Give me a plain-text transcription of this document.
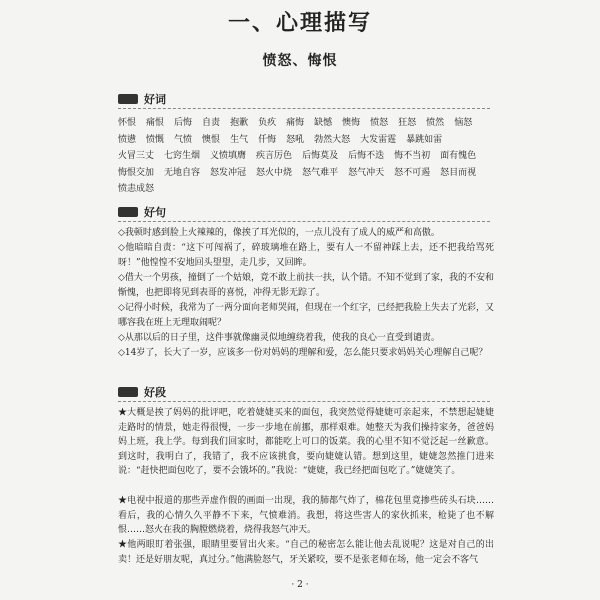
一、心理描写
愤怒、悔恨
好词
怀恨 痛恨 后悔 自责 抱歉 负疚 痛悔 缺憾 懊悔 愤怒 狂怒 愤然 恼怒愤懑 愤慨 气愤 懊恨 生气 仟悔 怒吼 勃然大怒 大发雷霆 暴跳如雷火冒三丈 七窍生烟 义愤填膺 疾言厉色 后悔莫及 后悔不迭 悔不当初 面有愧色悔恨交加 无地自容 怒发冲冠 怒火中烧 怒气难平 怒气冲天 怒不可遏 怒目而视愤恚成怒
好句
◇我顿时感到脸上火辣辣的，像挨了耳光似的，一点儿没有了成人的威严和高傲。
◇他暗暗自责：“这下可闯祸了，碎玻璃堆在路上，要有人一不留神踩上去，还不把我给骂死呀！”他惶惶不安地回头望望，走几步，又回眸。
◇借大一个男孩，撞倒了一个姑娘，竟不敢上前扶一扶，认个错。不知不觉到了家，我的不安和惭愧，也把即将见到表哥的喜悦，冲得无影无踪了。
◇记得小时候，我常为了一两分面向老师哭闹，但现在一个红字，已经把我脸上失去了光彩，又哪容我在班上无理取闹呢？
◇从那以后的日子里，这件事就像幽灵似地缠绕着我，使我的良心一直受到谴责。
◇14岁了，长大了一岁，应该多一份对妈妈的理解和爱，怎么能只要求妈妈关心理解自己呢？
好段
★大概是挨了妈妈的批评吧，吃着婕婕买来的面包，我突然觉得婕婕可亲起来，不禁想起婕婕走路时的情景，她走得很慢，一步一步地在前挪，那样艰难。她整天为我们操持家务，爸爸妈妈上班，我上学。每到我们回家时，都能吃上可口的饭菜。我的心里不知不觉泛起一丝歉意。到这时，我明白了，我错了，我不应该挑食，要向婕婕认错。想到这里，婕婕忽然推门进来说：“赶快把面包吃了，要不会饿坏的。”我说：“婕婕，我已经把面包吃了。”婕婕笑了。
★电视中报道的那些弄虚作假的画面一出现，我的肺都气炸了，棉花包里竟掺些砖头石块……看后，我的心情久久平静不下来，气愤难消。我想，将这些害人的家伙抓来，枪毙了也不解恨……怒火在我的胸膛燃烧着，烧得我怒气冲天。
★他两眼盯着张强，眼睛里要冒出火来。“自己的秘密怎么能让他去乱说呢？这是对自己的出卖！还是好朋友呢，真过分。”他满脸怒气，牙关紧咬，要不是张老师在场，他一定会不客气
· 2 ·
